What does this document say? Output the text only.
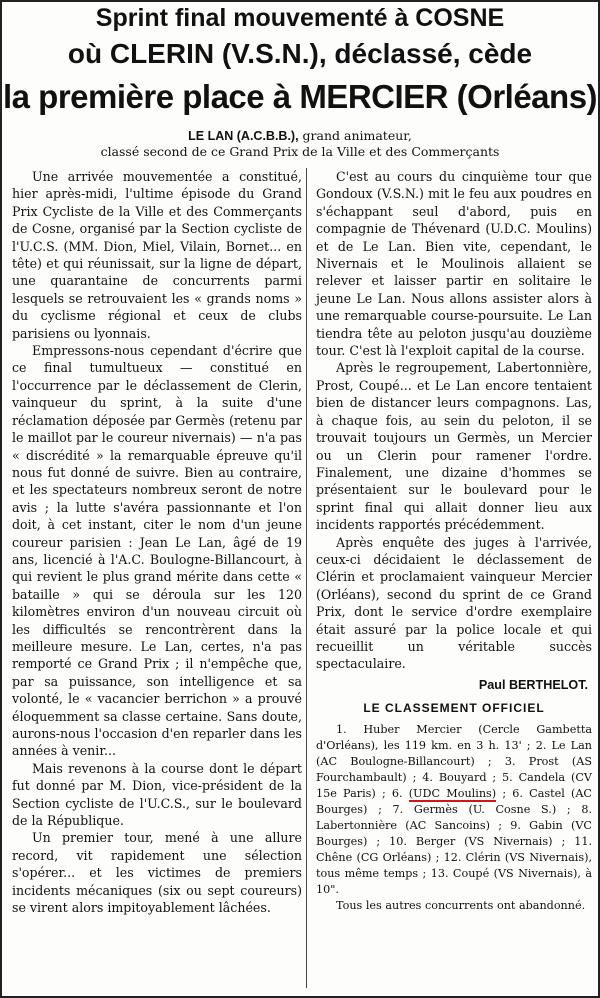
Sprint final mouvementé à COSNE
où CLERIN (V.S.N.), déclassé, cède
la première place à MERCIER (Orléans)
LE LAN (A.C.B.B.), grand animateur,
classé second de ce Grand Prix de la Ville et des Commerçants

Une arrivée mouvementée a constitué, hier après-midi, l'ultime épisode du Grand Prix Cycliste de la Ville et des Commerçants de Cosne, organisé par la Section cycliste de l'U.C.S. (MM. Dion, Miel, Vilain, Bornet... en tête) et qui réunissait, sur la ligne de départ, une quarantaine de concurrents parmi lesquels se retrouvaient les « grands noms » du cyclisme régional et ceux de clubs parisiens ou lyonnais.

Empressons-nous cependant d'écrire que ce final tumultueux — constitué en l'occurrence par le déclassement de Clerin, vainqueur du sprint, à la suite d'une réclamation déposée par Germès (retenu par le maillot par le coureur nivernais) — n'a pas « discrédité » la remarquable épreuve qu'il nous fut donné de suivre. Bien au contraire, et les spectateurs nombreux seront de notre avis ; la lutte s'avéra passionnante et l'on doit, à cet instant, citer le nom d'un jeune coureur parisien : Jean Le Lan, âgé de 19 ans, licencié à l'A.C. Boulogne-Billancourt, à qui revient le plus grand mérite dans cette « bataille » qui se déroula sur les 120 kilomètres environ d'un nouveau circuit où les difficultés se rencontrèrent dans la meilleure mesure. Le Lan, certes, n'a pas remporté ce Grand Prix ; il n'empêche que, par sa puissance, son intelligence et sa volonté, le « vacancier berrichon » a prouvé éloquemment sa classe certaine. Sans doute, aurons-nous l'occasion d'en reparler dans les années à venir...

Mais revenons à la course dont le départ fut donné par M. Dion, vice-président de la Section cycliste de l'U.C.S., sur le boulevard de la République.

Un premier tour, mené à une allure record, vit rapidement une sélection s'opérer... et les victimes de premiers incidents mécaniques (six ou sept coureurs) se virent alors impitoyablement lâchées.

C'est au cours du cinquième tour que Gondoux (V.S.N.) mit le feu aux poudres en s'échappant seul d'abord, puis en compagnie de Thévenard (U.D.C. Moulins) et de Le Lan. Bien vite, cependant, le Nivernais et le Moulinois allaient se relever et laisser partir en solitaire le jeune Le Lan. Nous allons assister alors à une remarquable course-poursuite. Le Lan tiendra tête au peloton jusqu'au douzième tour. C'est là l'exploit capital de la course.

Après le regroupement, Labertonnière, Prost, Coupé... et Le Lan encore tentaient bien de distancer leurs compagnons. Las, à chaque fois, au sein du peloton, il se trouvait toujours un Germès, un Mercier ou un Clerin pour ramener l'ordre. Finalement, une dizaine d'hommes se présentaient sur le boulevard pour le sprint final qui allait donner lieu aux incidents rapportés précédemment.

Après enquête des juges à l'arrivée, ceux-ci décidaient le déclassement de Clérin et proclamaient vainqueur Mercier (Orléans), second du sprint de ce Grand Prix, dont le service d'ordre exemplaire était assuré par la police locale et qui recueillit un véritable succès spectaculaire.

Paul BERTHELOT.

LE CLASSEMENT OFFICIEL

1. Huber Mercier (Cercle Gambetta d'Orléans), les 119 km. en 3 h. 13' ; 2. Le Lan (AC Boulogne-Billancourt) ; 3. Prost (AS Fourchambault) ; 4. Bouyard ; 5. Candela (CV 15e Paris) ; 6. (UDC Moulins) ; 6. Castel (AC Bourges) ; 7. Germès (U. Cosne S.) ; 8. Labertonnière (AC Sancoins) ; 9. Gabin (VC Bourges) ; 10. Berger (VS Nivernais) ; 11. Chêne (CG Orléans) ; 12. Clérin (VS Nivernais), tous même temps ; 13. Coupé (VS Nivernais), à 10".

Tous les autres concurrents ont abandonné.
